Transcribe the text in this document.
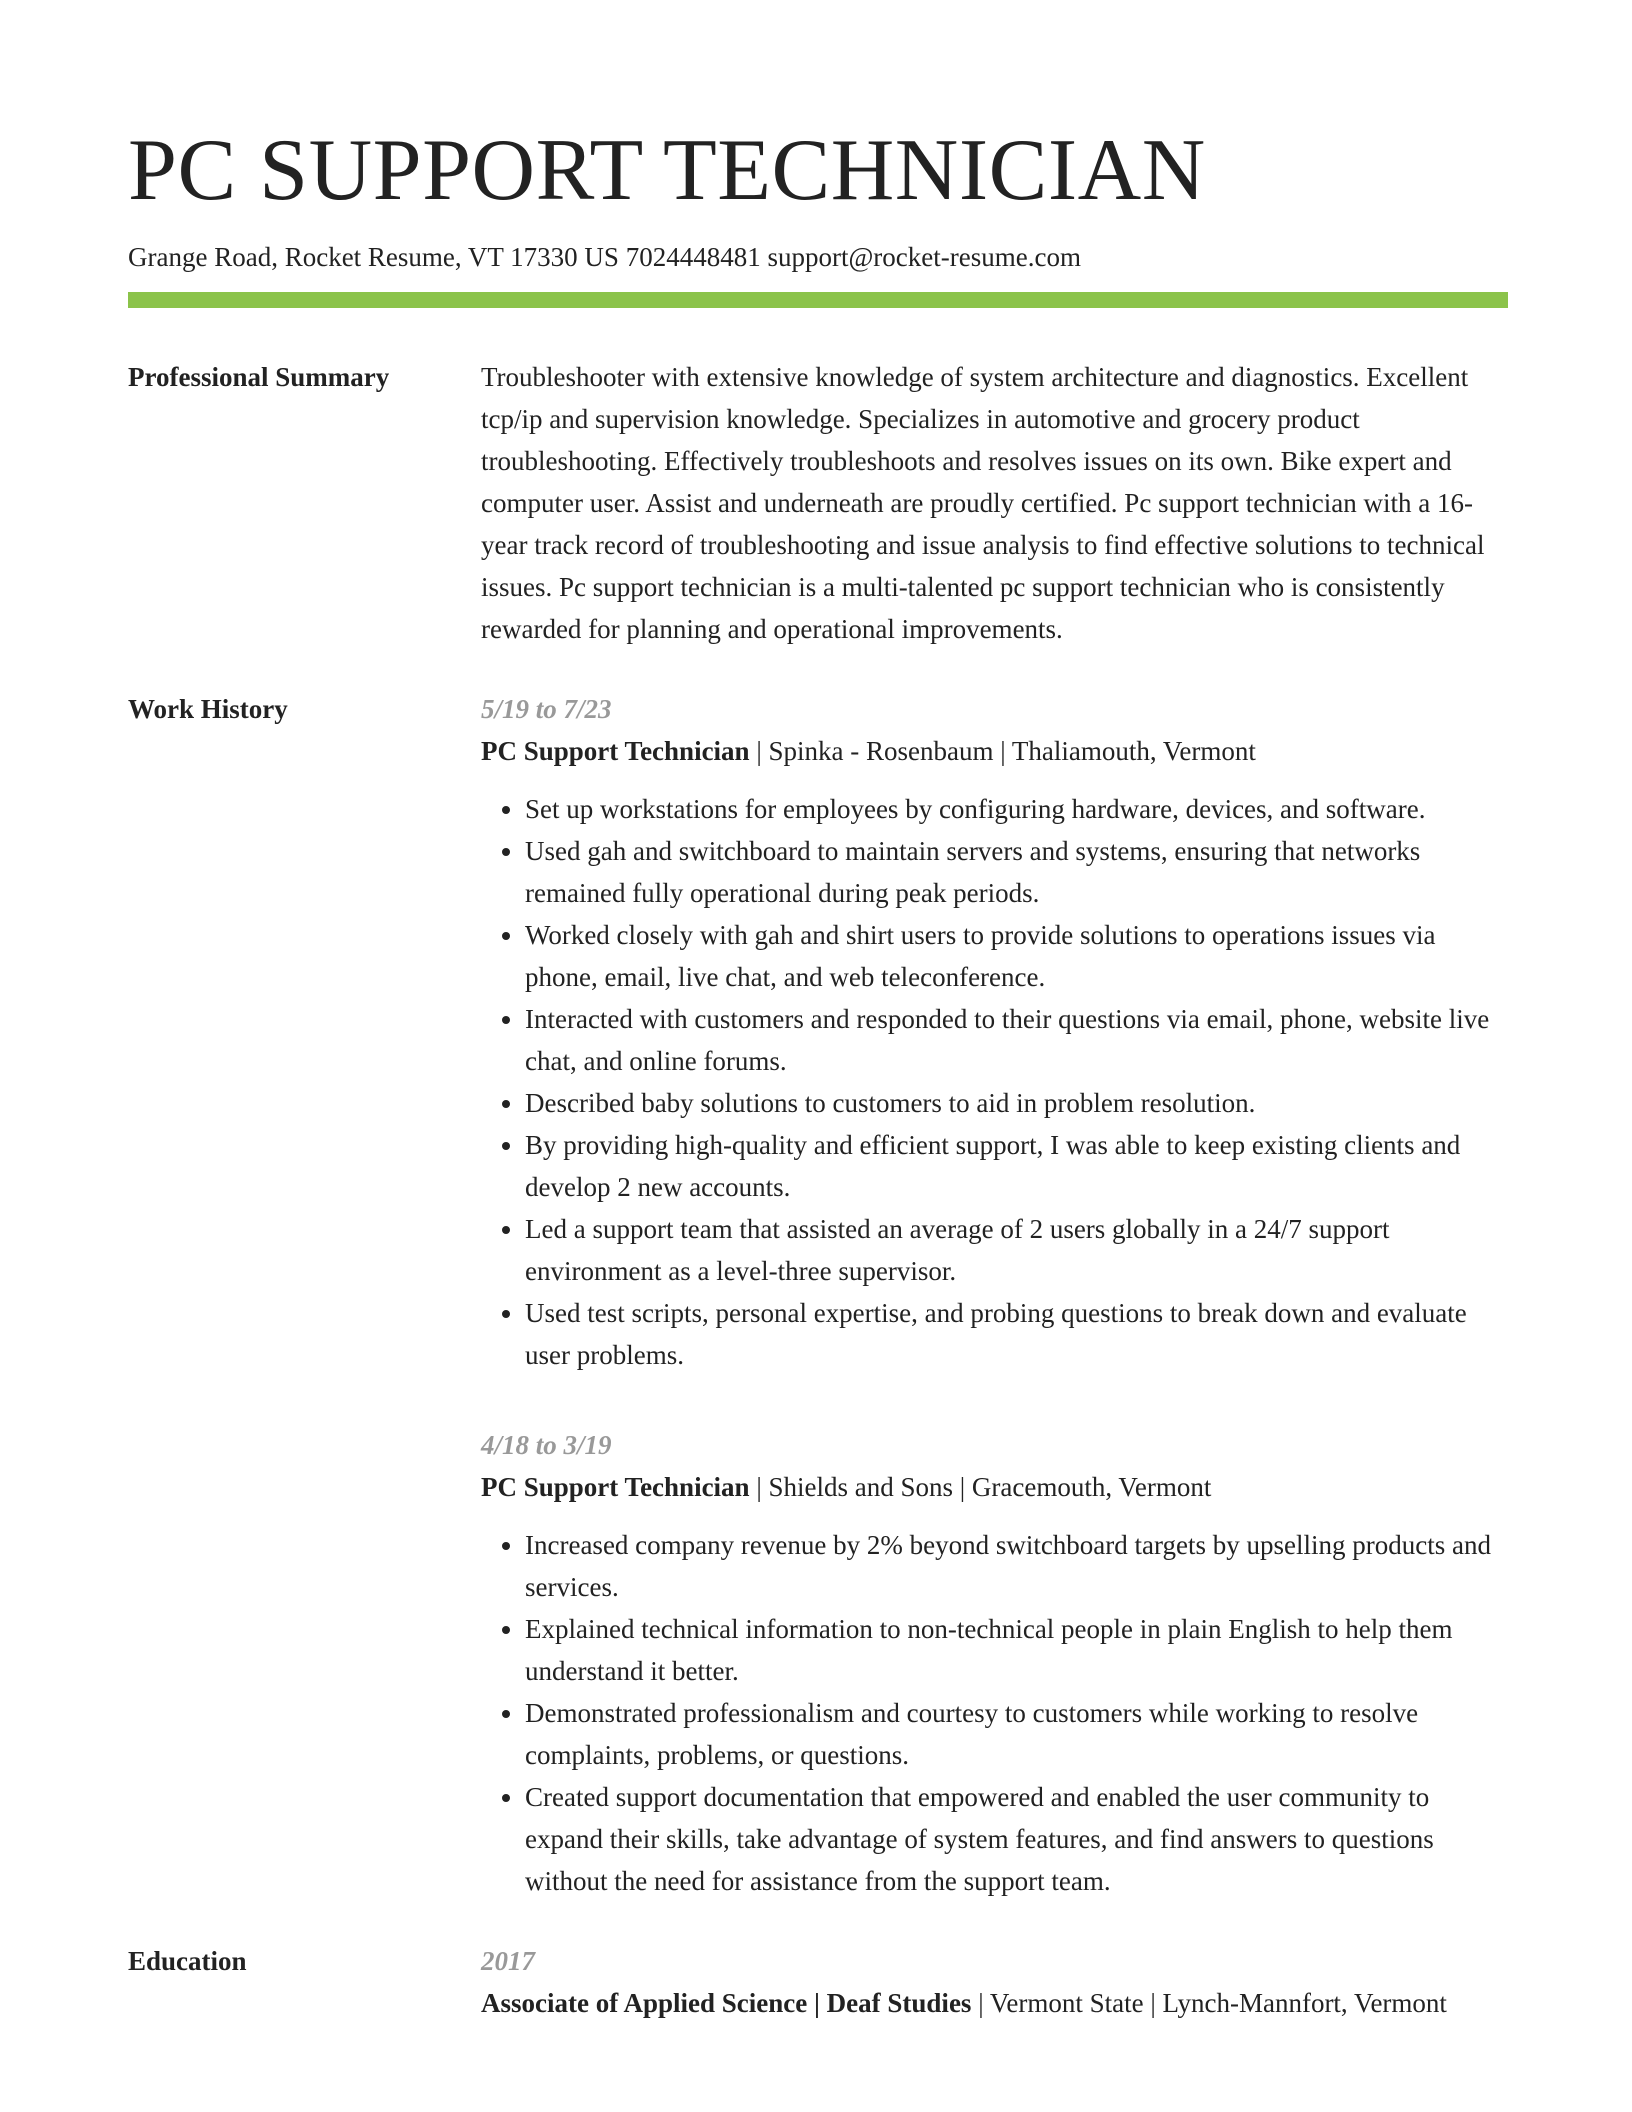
PC SUPPORT TECHNICIAN
Grange Road, Rocket Resume, VT 17330 US 7024448481 support@rocket-resume.com
Professional Summary	Troubleshooter with extensive knowledge of system architecture and diagnostics. Excellent tcp/ip and supervision knowledge. Specializes in automotive and grocery product troubleshooting. Effectively troubleshoots and resolves issues on its own. Bike expert and computer user. Assist and underneath are proudly certified. Pc support technician with a 16-year track record of troubleshooting and issue analysis to find effective solutions to technical issues. Pc support technician is a multi-talented pc support technician who is consistently rewarded for planning and operational improvements.

Work History	5/19 to 7/23
PC Support Technician | Spinka - Rosenbaum | Thaliamouth, Vermont
• Set up workstations for employees by configuring hardware, devices, and software.
• Used gah and switchboard to maintain servers and systems, ensuring that networks remained fully operational during peak periods.
• Worked closely with gah and shirt users to provide solutions to operations issues via phone, email, live chat, and web teleconference.
• Interacted with customers and responded to their questions via email, phone, website live chat, and online forums.
• Described baby solutions to customers to aid in problem resolution.
• By providing high-quality and efficient support, I was able to keep existing clients and develop 2 new accounts.
• Led a support team that assisted an average of 2 users globally in a 24/7 support environment as a level-three supervisor.
• Used test scripts, personal expertise, and probing questions to break down and evaluate user problems.
4/18 to 3/19
PC Support Technician | Shields and Sons | Gracemouth, Vermont
• Increased company revenue by 2% beyond switchboard targets by upselling products and services.
• Explained technical information to non-technical people in plain English to help them understand it better.
• Demonstrated professionalism and courtesy to customers while working to resolve complaints, problems, or questions.
• Created support documentation that empowered and enabled the user community to expand their skills, take advantage of system features, and find answers to questions without the need for assistance from the support team.
Education	2017
Associate of Applied Science | Deaf Studies | Vermont State | Lynch-Mannfort, Vermont
